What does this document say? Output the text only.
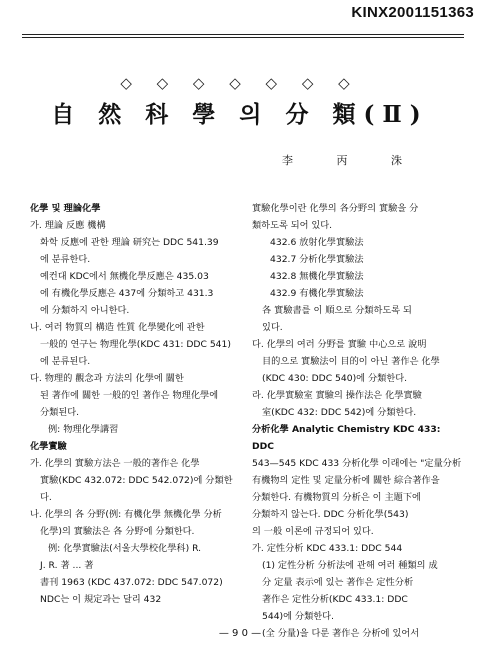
KINX2001151363
◇ ◇ ◇ ◇ ◇ ◇ ◇
自 然 科 學 의 分 類(Ⅱ)
李 丙 洙

化學 및 理論化學

가. 理論 反應 機構

화학 反應에 관한 理論 研究는 DDC 541.39

에 분류한다.

예컨대 KDC에서 無機化學反應은 435.03

에 有機化學反應은 437에 分類하고 431.3

에 分類하지 아니한다.

나. 여러 物質의 構造 性質 化學變化에 관한

一般的 연구는 物理化學(KDC 431: DDC 541)

에 분류된다.

다. 物理的 觀念과 方法의 化學에 關한

된 著作에 關한 一般的인 著作은 物理化學에

分類된다.

例: 物理化學講習

化學實驗

가. 化學의 實驗方法은 一般的著作은 化學

實驗(KDC 432.072: DDC 542.072)에 分類한

다.

나. 化學의 各 分野(例: 有機化學 無機化學 分析

化學)의 實驗法은 各 分野에 分類한다.

例: 化學實驗法(서울大學校化學科) R.

J. R. 著 ... 著

書刊 1963 (KDC 437.072: DDC 547.072)

NDC는 이 規定과는 달리 432

實驗化學이란 化學의 各分野의 實驗을 分

類하도록 되어 있다.

432.6 放射化學實驗法

432.7 分析化學實驗法

432.8 無機化學實驗法

432.9 有機化學實驗法

各 實驗書를 이 順으로 分類하도록 되

있다.

다. 化學의 여러 分野를 實驗 中心으로 說明

目的으로 實驗法이 目的이 아닌 著作은 化學

(KDC 430: DDC 540)에 分類한다.

라. 化學實驗室 實驗의 操作法은 化學實驗

室(KDC 432: DDC 542)에 分類한다.

分析化學 Analytic Chemistry KDC 433: DDC

543—545 KDC 433 分析化學 이래에는 "定量分析

有機物의 定性 및 定量分析에 關한 綜合著作을

分類한다. 有機物質의 分析은 이 主題下에

分類하지 않는다. DDC 分析化學(543)

의 一般 이론에 규정되어 있다.

가. 定性分析 KDC 433.1: DDC 544

(1) 定性分析 分析法에 관해 여러 種類의 成

分 定量 表示에 있는 著作은 定性分析

著作은 定性分析(KDC 433.1: DDC

544)에 分類한다.

(全 分量)을 다룬 著作은 分析에 있어서

— 9 0 —
